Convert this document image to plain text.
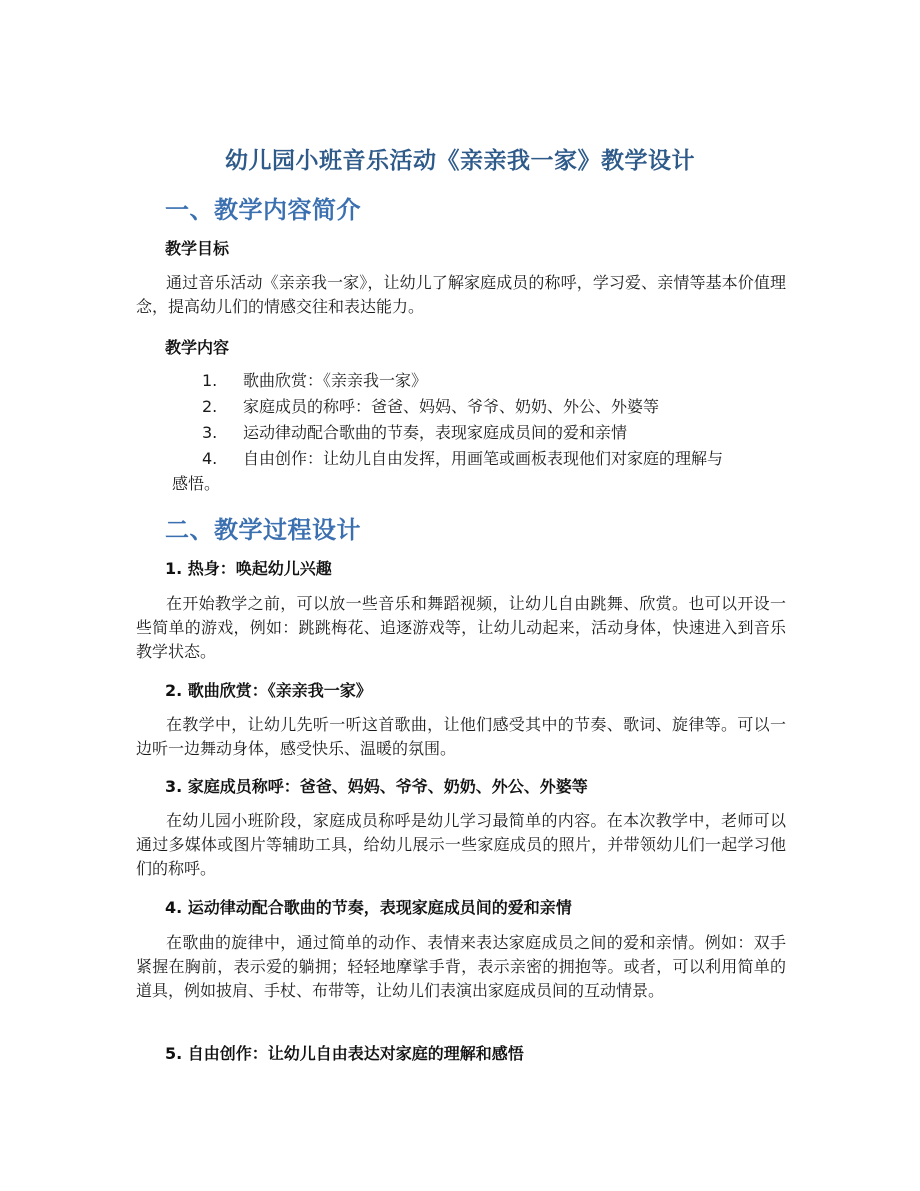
幼儿园小班音乐活动《亲亲我一家》教学设计
一、教学内容简介
教学目标
通过音乐活动《亲亲我一家》，让幼儿了解家庭成员的称呼，学习爱、亲情等基本价值理念，提高幼儿们的情感交往和表达能力。
教学内容
1. 歌曲欣赏：《亲亲我一家》
2. 家庭成员的称呼：爸爸、妈妈、爷爷、奶奶、外公、外婆等
3. 运动律动配合歌曲的节奏，表现家庭成员间的爱和亲情
4. 自由创作：让幼儿自由发挥，用画笔或画板表现他们对家庭的理解与
感悟。
二、教学过程设计
1. 热身：唤起幼儿兴趣
在开始教学之前，可以放一些音乐和舞蹈视频，让幼儿自由跳舞、欣赏。也可以开设一些简单的游戏，例如：跳跳梅花、追逐游戏等，让幼儿动起来，活动身体，快速进入到音乐教学状态。
2. 歌曲欣赏：《亲亲我一家》
在教学中，让幼儿先听一听这首歌曲，让他们感受其中的节奏、歌词、旋律等。可以一边听一边舞动身体，感受快乐、温暖的氛围。
3. 家庭成员称呼：爸爸、妈妈、爷爷、奶奶、外公、外婆等
在幼儿园小班阶段，家庭成员称呼是幼儿学习最简单的内容。在本次教学中，老师可以通过多媒体或图片等辅助工具，给幼儿展示一些家庭成员的照片，并带领幼儿们一起学习他们的称呼。
4. 运动律动配合歌曲的节奏，表现家庭成员间的爱和亲情
在歌曲的旋律中，通过简单的动作、表情来表达家庭成员之间的爱和亲情。例如：双手紧握在胸前，表示爱的躺拥；轻轻地摩挲手背，表示亲密的拥抱等。或者，可以利用简单的道具，例如披肩、手杖、布带等，让幼儿们表演出家庭成员间的互动情景。
5. 自由创作：让幼儿自由表达对家庭的理解和感悟
